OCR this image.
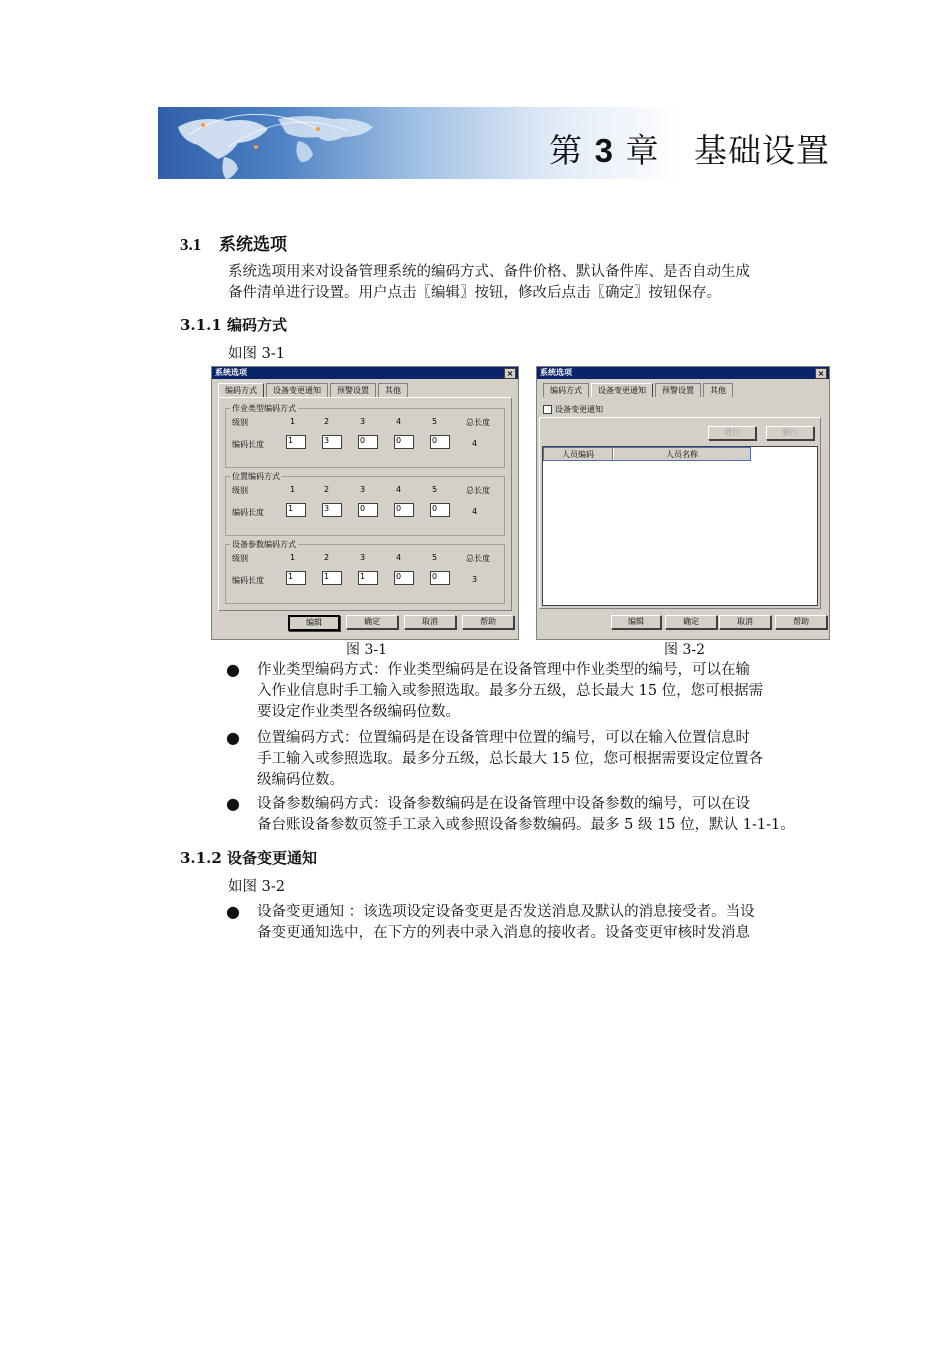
第 3 章 基础设置
3.1 系统选项
系统选项用来对设备管理系统的编码方式、备件价格、默认备件库、是否自动生成
备件清单进行设置。用户点击〖编辑〗按钮，修改后点击〖确定〗按钮保存。
3.1.1 编码方式
如图 3-1
系统选项	×
编码方式	设备变更通知	预警设置	其他
作业类型编码方式
级别	1	2	3	4	5	总长度
编码长度	1	3	0	0	0	4
位置编码方式
级别	1	2	3	4	5	总长度
编码长度	1	3	0	0	0	4
设备参数编码方式
级别	1	2	3	4	5	总长度
编码长度	1	1	1	0	0	3
编辑	确定	取消	帮助
系统选项	×
编码方式	设备变更通知	预警设置	其他
设备变更通知
增行	删行
人员编码	人员名称
编辑	确定	取消	帮助
图 3-1	图 3-2
● 作业类型编码方式：作业类型编码是在设备管理中作业类型的编号，可以在输
入作业信息时手工输入或参照选取。最多分五级，总长最大 15 位，您可根据需
要设定作业类型各级编码位数。
● 位置编码方式：位置编码是在设备管理中位置的编号，可以在输入位置信息时
手工输入或参照选取。最多分五级，总长最大 15 位，您可根据需要设定位置各
级编码位数。
● 设备参数编码方式：设备参数编码是在设备管理中设备参数的编号，可以在设
备台账设备参数页签手工录入或参照设备参数编码。最多 5 级 15 位，默认 1-1-1。
3.1.2 设备变更通知
如图 3-2
● 设备变更通知 ：该选项设定设备变更是否发送消息及默认的消息接受者。当设
备变更通知选中，在下方的列表中录入消息的接收者。设备变更审核时发消息
